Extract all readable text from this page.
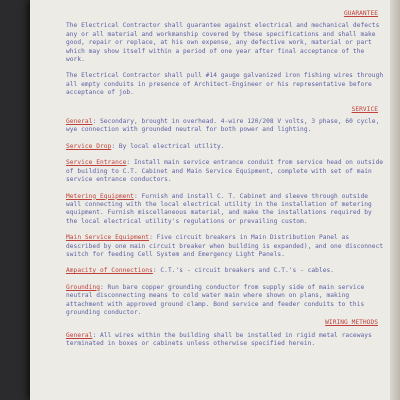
GUARANTEE

The Electrical Contractor shall guarantee against electrical and mechanical defects any or all material and workmanship covered by these specifications and shall make good, repair or replace, at his own expense, any defective work, material or part which may show itself within a period of one year after final acceptance of the work.

The Electrical Contractor shall pull #14 gauge galvanized iron fishing wires through all empty conduits in presence of Architect-Engineer or his representative before acceptance of job.

SERVICE

General: Secondary, brought in overhead. 4-wire 120/208 V volts, 3 phase, 60 cycle, wye connection with grounded neutral for both power and lighting.

Service Drop: By local electrical utility.

Service Entrance: Install main service entrance conduit from service head on outside of building to C.T. Cabinet and Main Service Equipment, complete with set of main service entrance conductors.

Metering Equipment: Furnish and install C. T. Cabinet and sleeve through outside wall connecting with the local electrical utility in the installation of metering equipment. Furnish miscellaneous material, and make the installations required by the local electrical utility's regulations or prevailing custom.

Main Service Equipment: Five circuit breakers in Main Distribution Panel as described by one main circuit breaker when building is expanded), and one disconnect switch for feeding Cell System and Emergency Light Panels.

Ampacity of Connections: C.T.'s - circuit breakers and C.T.'s - cables.

Grounding: Run bare copper grounding conductor from supply side of main service neutral disconnecting means to cold water main where shown on plans, making attachment with approved ground clamp. Bond service and feeder conduits to this grounding conductor.

WIRING METHODS

General: All wires within the building shall be installed in rigid metal raceways terminated in boxes or cabinets unless otherwise specified herein.
